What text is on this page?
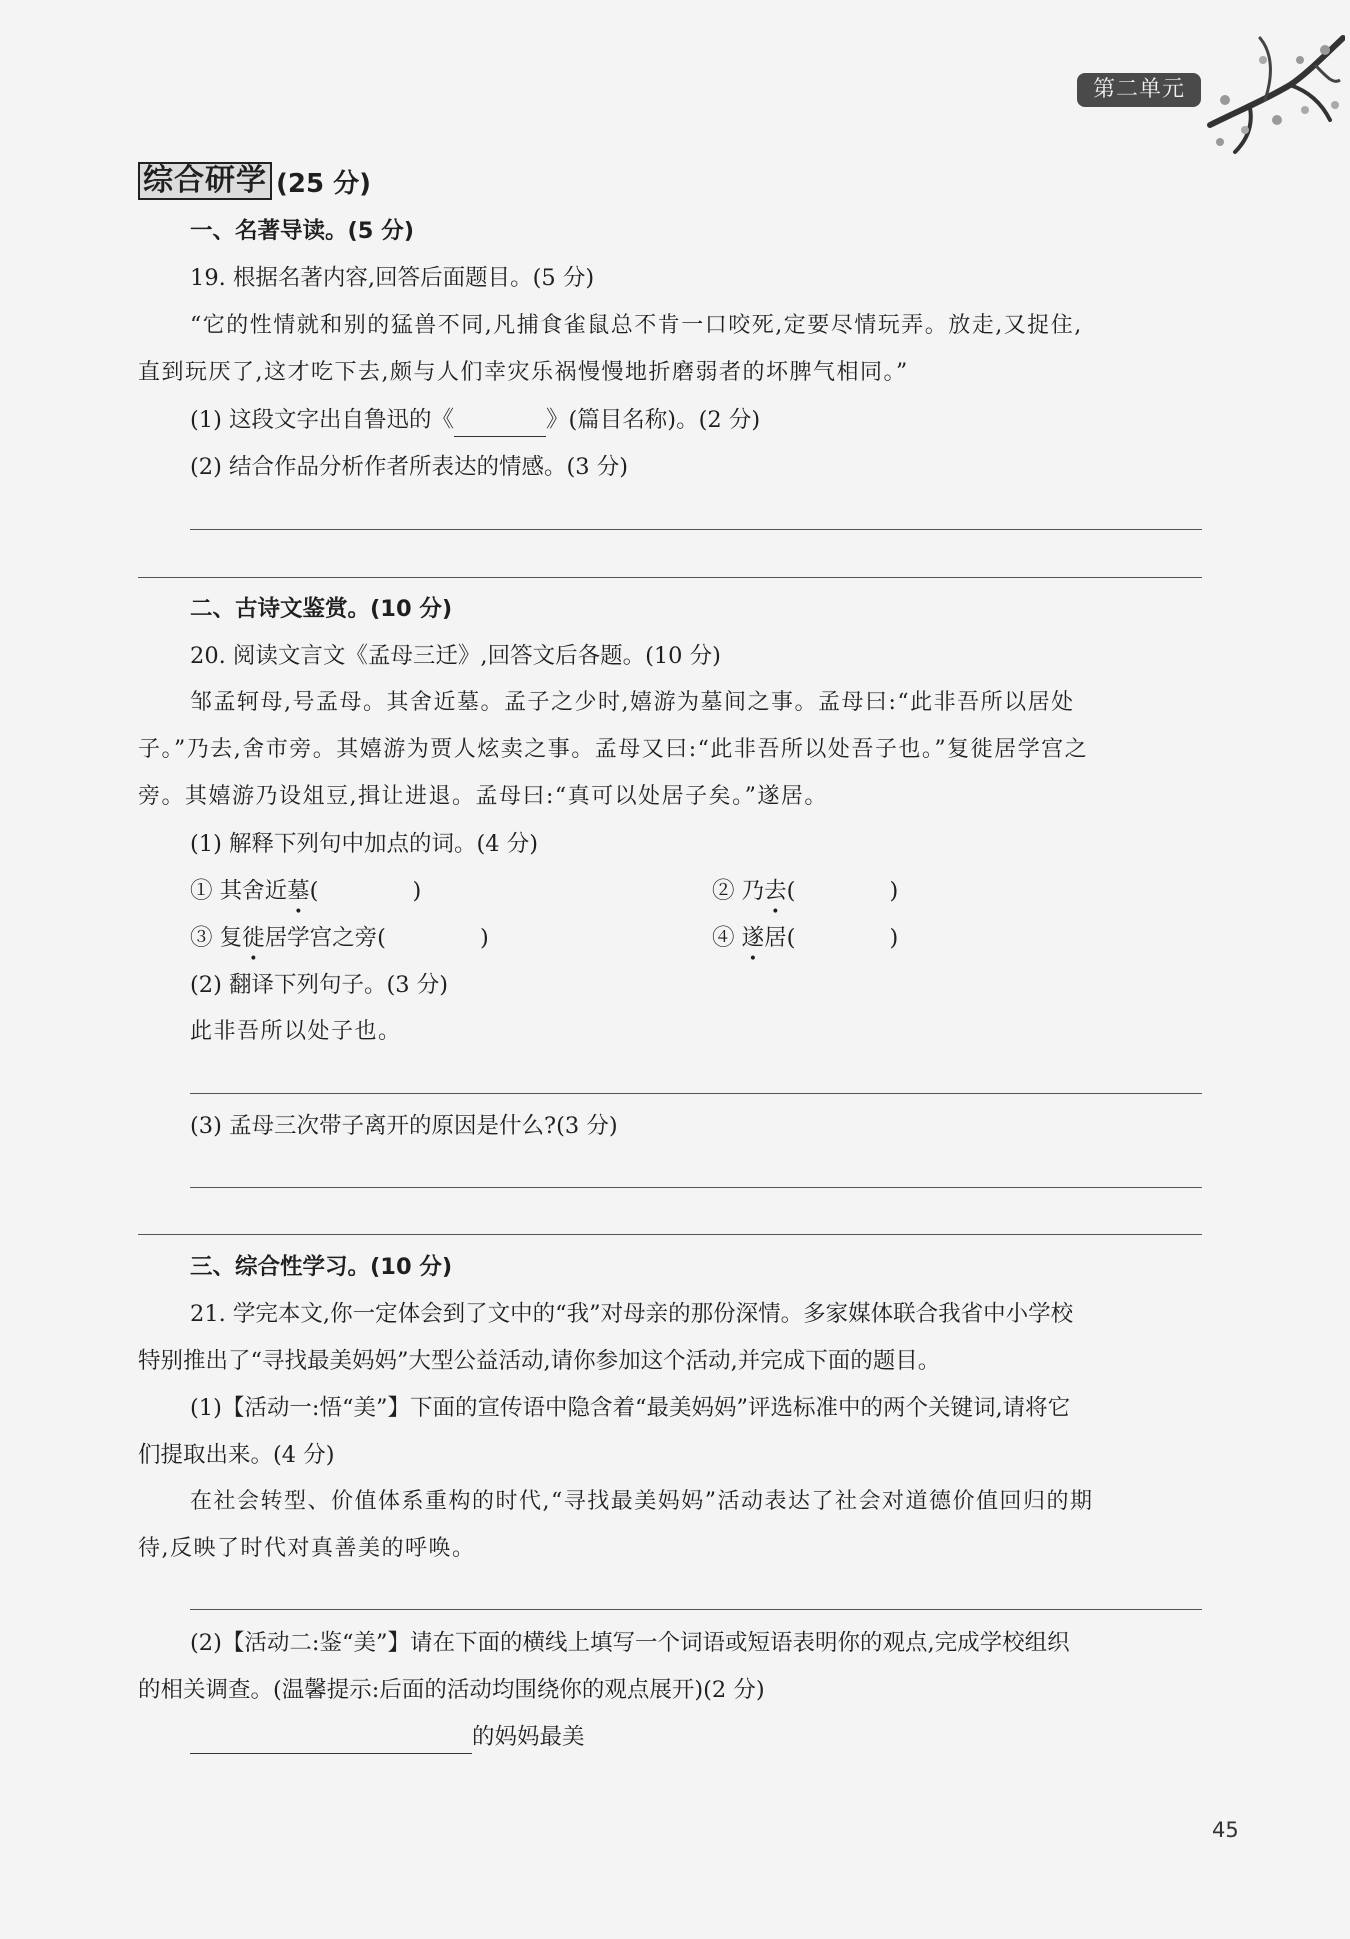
第二单元
综合研学 (25 分)
一、名著导读。(5 分)
19. 根据名著内容,回答后面题目。(5 分)
“它的性情就和别的猛兽不同,凡捕食雀鼠总不肯一口咬死,定要尽情玩弄。放走,又捉住,
直到玩厌了,这才吃下去,颇与人们幸灾乐祸慢慢地折磨弱者的坏脾气相同。”
(1) 这段文字出自鲁迅的《	》(篇目名称)。(2 分)
(2) 结合作品分析作者所表达的情感。(3 分)
二、古诗文鉴赏。(10 分)
20. 阅读文言文《孟母三迁》,回答文后各题。(10 分)
邹孟轲母,号孟母。其舍近墓。孟子之少时,嬉游为墓间之事。孟母曰:“此非吾所以居处
子。”乃去,舍市旁。其嬉游为贾人炫卖之事。孟母又曰:“此非吾所以处吾子也。”复徙居学宫之
旁。其嬉游乃设俎豆,揖让进退。孟母曰:“真可以处居子矣。”遂居。
(1) 解释下列句中加点的词。(4 分)
① 其舍近墓(	)	② 乃去(	)
③ 复徙居学宫之旁(	)	④ 遂居(	)
(2) 翻译下列句子。(3 分)
此非吾所以处子也。
(3) 孟母三次带子离开的原因是什么?(3 分)
三、综合性学习。(10 分)
21. 学完本文,你一定体会到了文中的“我”对母亲的那份深情。多家媒体联合我省中小学校
特别推出了“寻找最美妈妈”大型公益活动,请你参加这个活动,并完成下面的题目。
(1)【活动一:悟“美”】下面的宣传语中隐含着“最美妈妈”评选标准中的两个关键词,请将它
们提取出来。(4 分)
在社会转型、价值体系重构的时代,“寻找最美妈妈”活动表达了社会对道德价值回归的期
待,反映了时代对真善美的呼唤。
(2)【活动二:鉴“美”】请在下面的横线上填写一个词语或短语表明你的观点,完成学校组织
的相关调查。(温馨提示:后面的活动均围绕你的观点展开)(2 分)
的妈妈最美
45
